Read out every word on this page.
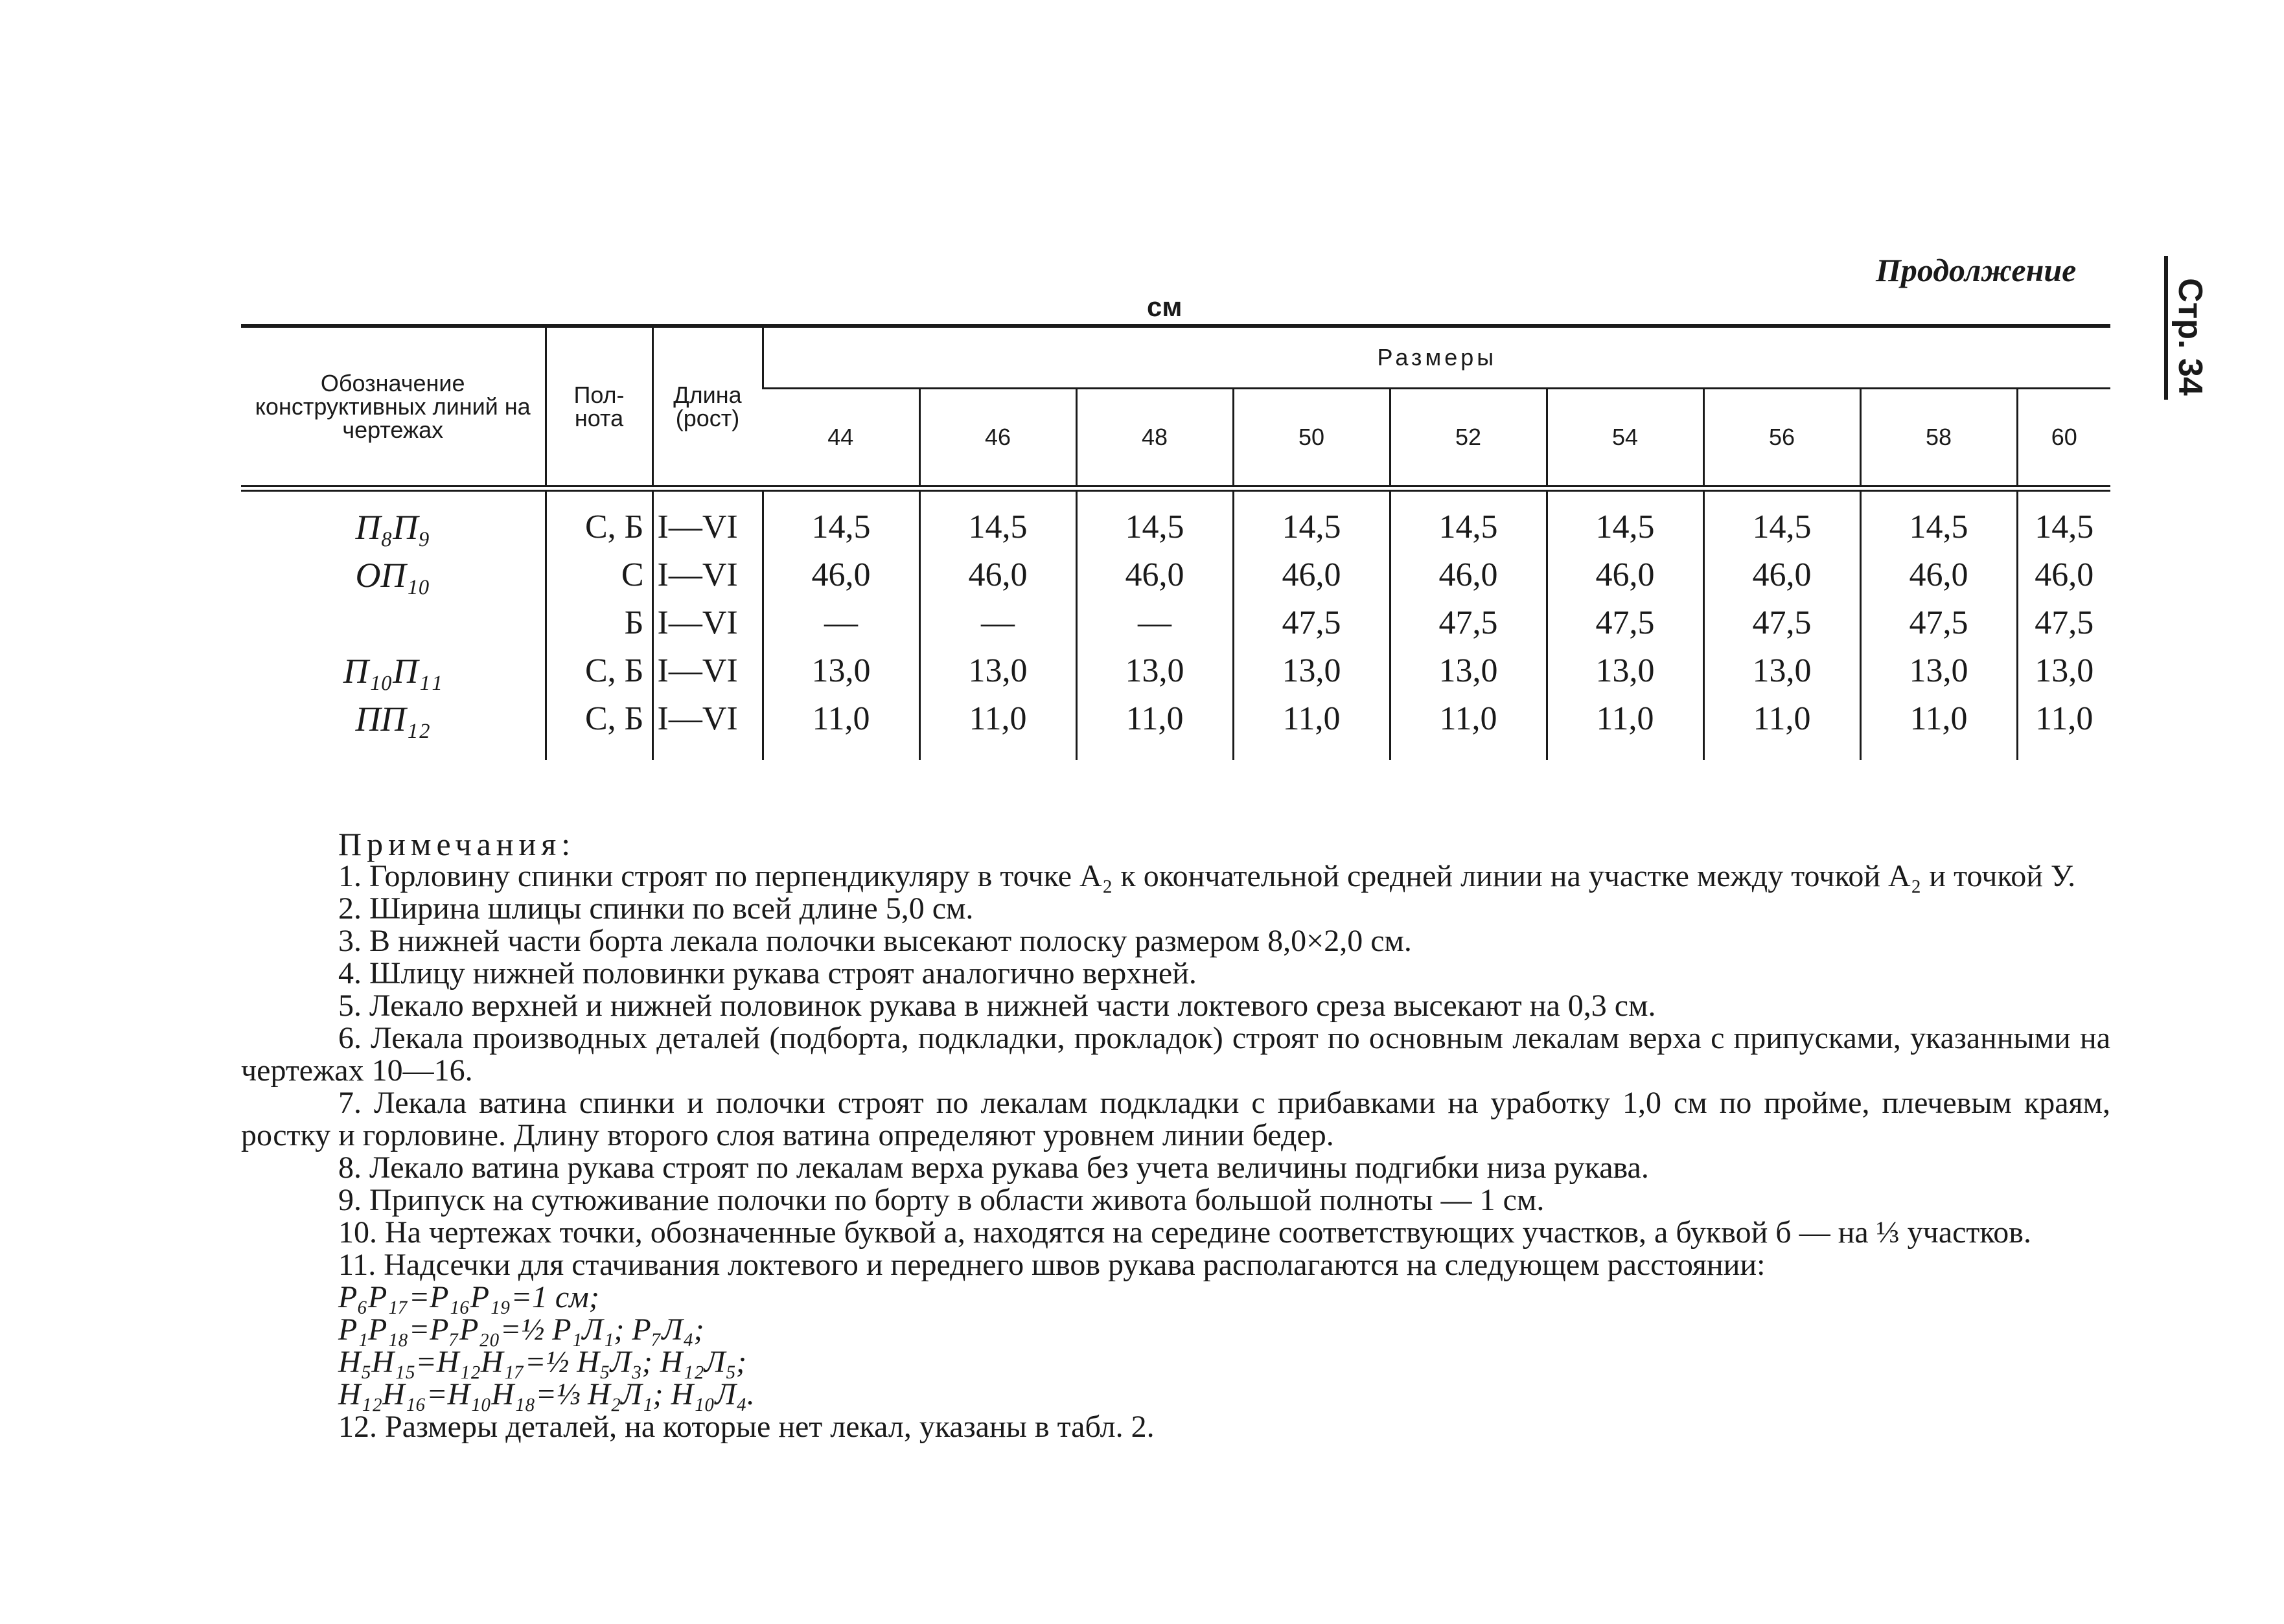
Продолжение
Стр. 34
см
Обозначение конструктивных линий на чертежах	Пол-нота	Длина (рост)	Размеры								
			44	46	48	50	52	54	56	58	60
П₈П₉	С, Б	I—VI	14,5	14,5	14,5	14,5	14,5	14,5	14,5	14,5	14,5
ОП₁₀	С	I—VI	46,0	46,0	46,0	46,0	46,0	46,0	46,0	46,0	46,0
	Б	I—VI	—	—	—	47,5	47,5	47,5	47,5	47,5	47,5
П₁₀П₁₁	С, Б	I—VI	13,0	13,0	13,0	13,0	13,0	13,0	13,0	13,0	13,0
ПП₁₂	С, Б	I—VI	11,0	11,0	11,0	11,0	11,0	11,0	11,0	11,0	11,0

Примечания:

1. Горловину спинки строят по перпендикуляру в точке A₂ к окончательной средней линии на участке между точкой A₂ и точкой У.

2. Ширина шлицы спинки по всей длине 5,0 см.

3. В нижней части борта лекала полочки высекают полоску размером 8,0×2,0 см.

4. Шлицу нижней половинки рукава строят аналогично верхней.

5. Лекало верхней и нижней половинок рукава в нижней части локтевого среза высекают на 0,3 см.

6. Лекала производных деталей (подборта, подкладки, прокладок) строят по основным лекалам верха с припусками, указанными на чертежах 10—16.

7. Лекала ватина спинки и полочки строят по лекалам подкладки с прибавками на уработку 1,0 см по пройме, плечевым краям, ростку и горловине. Длину второго слоя ватина определяют уровнем линии бедер.

8. Лекало ватина рукава строят по лекалам верха рукава без учета величины подгибки низа рукава.

9. Припуск на сутюживание полочки по борту в области живота большой полноты — 1 см.

10. На чертежах точки, обозначенные буквой а, находятся на середине соответствующих участков, а буквой б — на ⅓ участков.

11. Надсечки для стачивания локтевого и переднего швов рукава располагаются на следующем расстоянии:

P₆P₁₇=P₁₆P₁₉=1 см;

P₁P₁₈=P₇P₂₀=½ P₁Л₁; P₇Л₄;

H₅H₁₅=H₁₂H₁₇=½ H₅Л₃; H₁₂Л₅;

H₁₂H₁₆=H₁₀H₁₈=⅓ H₂Л₁; H₁₀Л₄.

12. Размеры деталей, на которые нет лекал, указаны в табл. 2.
